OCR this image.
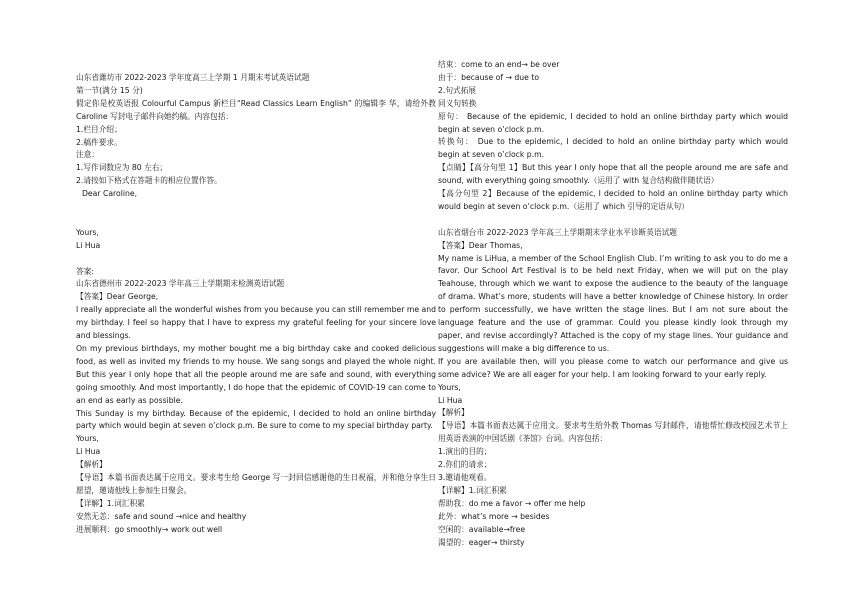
山东省潍坊市 2022-2023 学年度高三上学期 1 月期末考试英语试题
第一节(满分 15 分)
假定你是校英语报 Colourful Campus 新栏目“Read Classics Learn English” 的编辑李 华，请给外教 Caroline 写封电子邮件向她约稿。内容包括：
1.栏目介绍；
2.稿件要求。
注意：
1.写作词数应为 80 左右；
2.请按如下格式在答题卡的相应位置作答。
Dear Caroline,
Yours,
Li Hua
答案:
山东省德州市 2022-2023 学年高三上学期期末检测英语试题
【答案】Dear George,
I really appreciate all the wonderful wishes from you because you can still remember me and my birthday. I feel so happy that I have to express my grateful feeling for your sincere love and blessings.
On my previous birthdays, my mother bought me a big birthday cake and cooked delicious food, as well as invited my friends to my house. We sang songs and played the whole night. But this year I only hope that all the people around me are safe and sound, with everything going smoothly. And most importantly, I do hope that the epidemic of COVID-19 can come to an end as early as possible.
This Sunday is my birthday. Because of the epidemic, I decided to hold an online birthday party which would begin at seven o’clock p.m. Be sure to come to my special birthday party.
Yours,
Li Hua
【解析】
【导语】本篇书面表达属于应用文。要求考生给 George 写一封回信感谢他的生日祝福，并和他分享生日愿望，邀请他线上参加生日聚会。
【详解】1.词汇积累
安然无恙：safe and sound →nice and healthy
进展顺利：go smoothly→ work out well
结束：come to an end→ be over
由于：because of → due to
2.句式拓展
同义句转换
原句： Because of the epidemic, I decided to hold an online birthday party which would begin at seven o’clock p.m.
转换句： Due to the epidemic, I decided to hold an online birthday party which would begin at seven o’clock p.m.
【点睛】【高分句型 1】But this year I only hope that all the people around me are safe and sound, with everything going smoothly.（运用了 with 复合结构做伴随状语）
【高分句型 2】Because of the epidemic, I decided to hold an online birthday party which would begin at seven o’clock p.m.（运用了 which 引导的定语从句）
山东省烟台市 2022-2023 学年高三上学期期末学业水平诊断英语试题
【答案】Dear Thomas,
My name is LiHua, a member of the School English Club. I’m writing to ask you to do me a favor. Our School Art Festival is to be held next Friday, when we will put on the play Teahouse, through which we want to expose the audience to the beauty of the language of drama. What’s more, students will have a better knowledge of Chinese history. In order to perform successfully, we have written the stage lines. But I am not sure about the language feature and the use of grammar. Could you please kindly look through my paper, and revise accordingly? Attached is the copy of my stage lines. Your guidance and suggestions will make a big difference to us.
If you are available then, will you please come to watch our performance and give us some advice? We are all eager for your help. I am looking forward to your early reply.
Yours,
Li Hua
【解析】
【导语】本篇书面表达属于应用文。要求考生给外教 Thomas 写封邮件，请他帮忙修改校园艺术节上用英语表演的中国话剧《茶馆》台词。内容包括：
1.演出的目的；
2.你们的请求；
3.邀请他观看。
【详解】1.词汇积累
帮助我：do me a favor → offer me help
此外：what’s more → besides
空闲的：available→free
渴望的：eager→ thirsty
